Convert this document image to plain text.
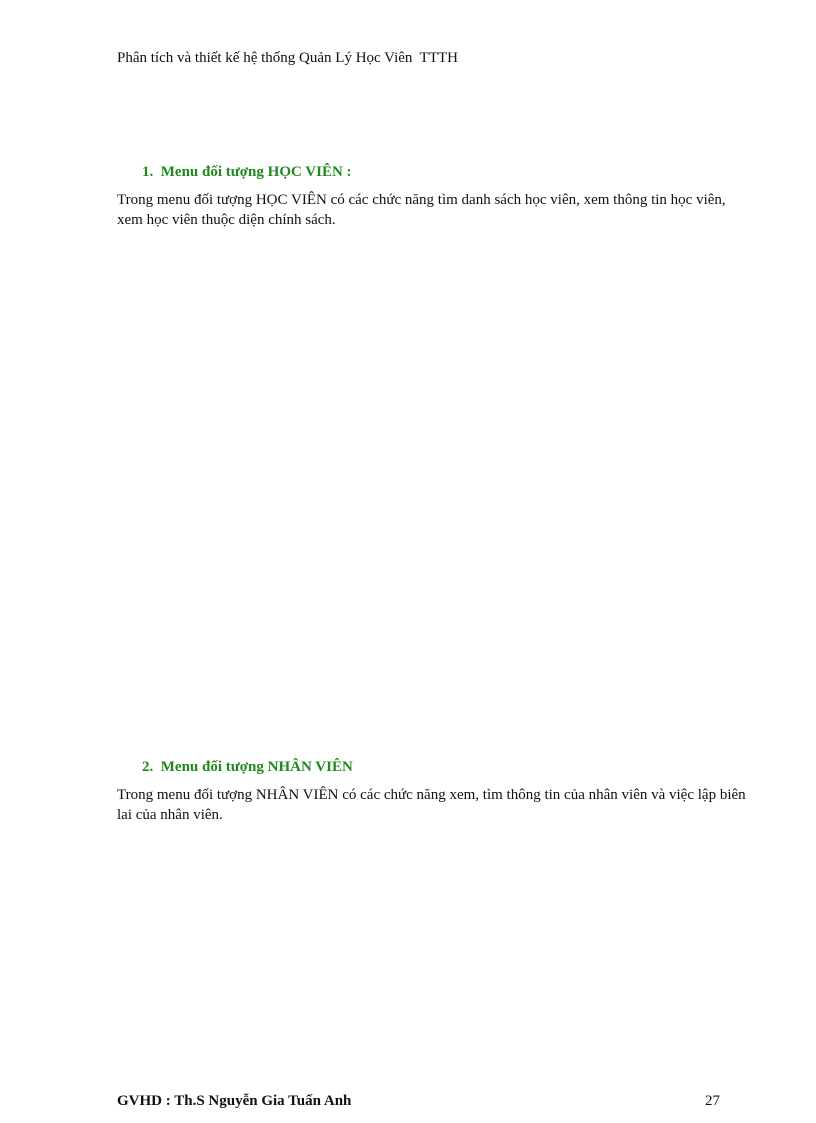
Phân tích và thiết kế hệ thống Quản Lý Học Viên  TTTH
1.  Menu đối tượng HỌC VIÊN :
Trong menu đối tượng HỌC VIÊN có các chức năng tìm danh sách học viên, xem thông tin học viên, xem học viên thuộc diện chính sách.
2.  Menu đối tượng NHÂN VIÊN
Trong menu đối tượng NHÂN VIÊN có các chức năng xem, tìm thông tin của nhân viên và việc lập biên lai của nhân viên.
GVHD : Th.S Nguyễn Gia Tuấn Anh	27
